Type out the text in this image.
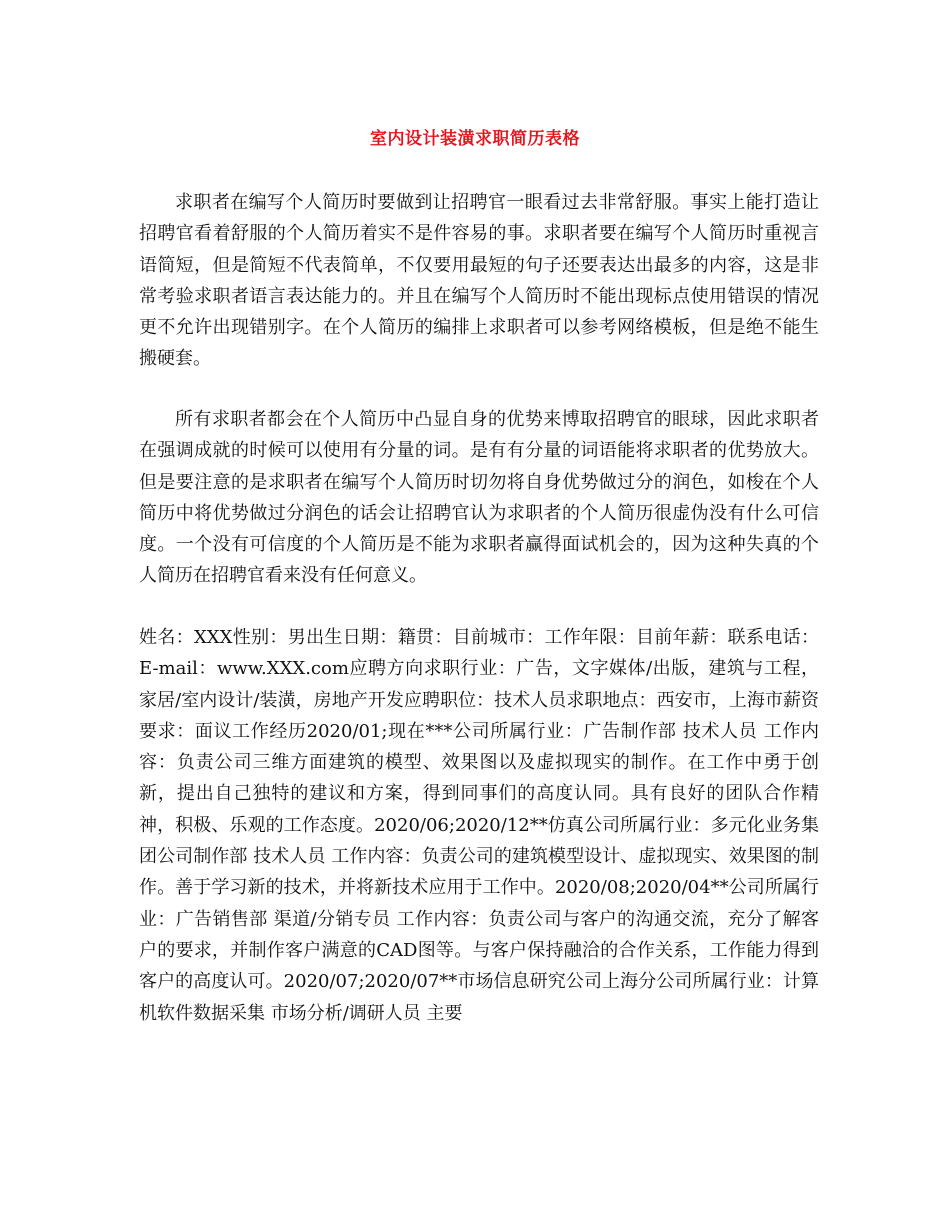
室内设计装潢求职简历表格

求职者在编写个人简历时要做到让招聘官一眼看过去非常舒服。事实上能打造让招聘官看着舒服的个人简历着实不是件容易的事。求职者要在编写个人简历时重视言语简短，但是简短不代表简单，不仅要用最短的句子还要表达出最多的内容，这是非常考验求职者语言表达能力的。并且在编写个人简历时不能出现标点使用错误的情况更不允许出现错别字。在个人简历的编排上求职者可以参考网络模板，但是绝不能生搬硬套。

所有求职者都会在个人简历中凸显自身的优势来博取招聘官的眼球，因此求职者在强调成就的时候可以使用有分量的词。是有有分量的词语能将求职者的优势放大。但是要注意的是求职者在编写个人简历时切勿将自身优势做过分的润色，如梭在个人简历中将优势做过分润色的话会让招聘官认为求职者的个人简历很虚伪没有什么可信度。一个没有可信度的个人简历是不能为求职者赢得面试机会的，因为这种失真的个人简历在招聘官看来没有任何意义。

姓名：XXX性别：男出生日期：籍贯：目前城市：工作年限：目前年薪：联系电话：E-mail：www.XXX.com应聘方向求职行业：广告，文字媒体/出版，建筑与工程，家居/室内设计/装潢，房地产开发应聘职位：技术人员求职地点：西安市，上海市薪资要求：面议工作经历2020/01;现在***公司所属行业：广告制作部 技术人员 工作内容：负责公司三维方面建筑的模型、效果图以及虚拟现实的制作。在工作中勇于创新，提出自己独特的建议和方案，得到同事们的高度认同。具有良好的团队合作精神，积极、乐观的工作态度。2020/06;2020/12**仿真公司所属行业：多元化业务集团公司制作部 技术人员 工作内容：负责公司的建筑模型设计、虚拟现实、效果图的制作。善于学习新的技术，并将新技术应用于工作中。2020/08;2020/04**公司所属行业：广告销售部 渠道/分销专员 工作内容：负责公司与客户的沟通交流，充分了解客户的要求，并制作客户满意的CAD图等。与客户保持融洽的合作关系，工作能力得到客户的高度认可。2020/07;2020/07**市场信息研究公司上海分公司所属行业：计算机软件数据采集 市场分析/调研人员 主要
